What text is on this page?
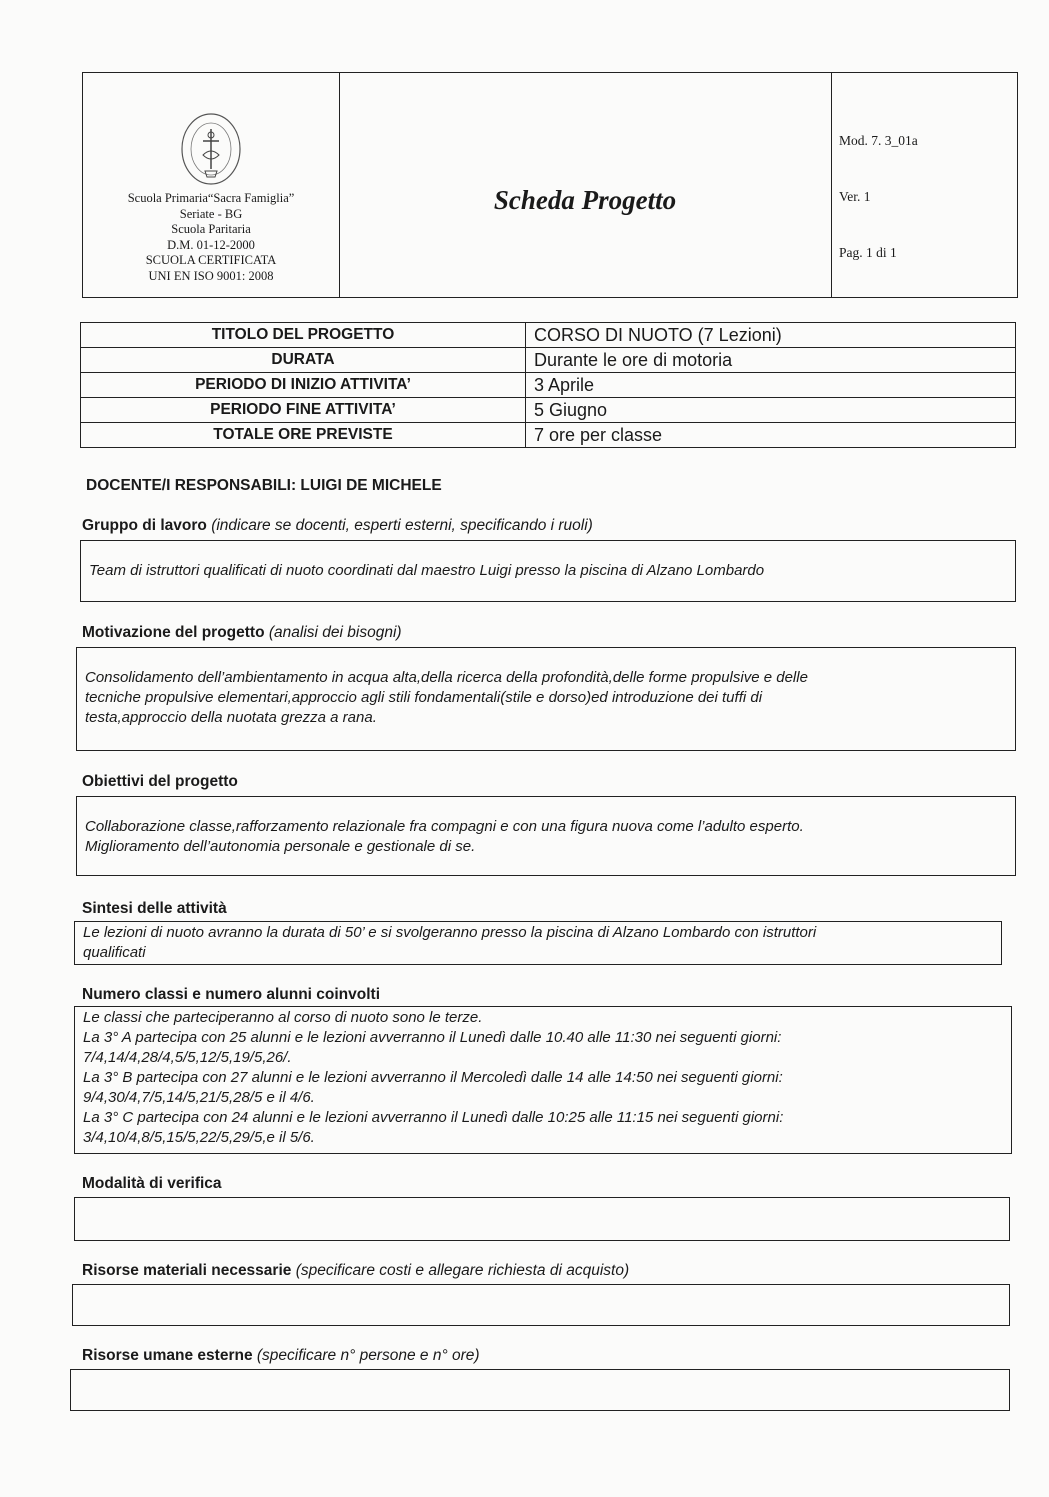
Scuola Primaria“Sacra Famiglia”
Seriate - BG
Scuola Paritaria
D.M. 01-12-2000
SCUOLA CERTIFICATA
UNI EN ISO 9001: 2008
Scheda Progetto
Mod. 7. 3_01a
Ver. 1
Pag. 1 di 1
TITOLO DEL PROGETTO	CORSO DI NUOTO (7 Lezioni)
DURATA	Durante le ore di motoria
PERIODO DI INIZIO ATTIVITA’	3 Aprile
PERIODO FINE ATTIVITA’	5 Giugno
TOTALE ORE PREVISTE	7 ore per classe
DOCENTE/I RESPONSABILI: LUIGI DE MICHELE
Gruppo di lavoro (indicare se docenti, esperti esterni, specificando i ruoli)
Team di istruttori qualificati di nuoto coordinati dal maestro Luigi presso la piscina di Alzano Lombardo
Motivazione del progetto (analisi dei bisogni)
Consolidamento dell’ambientamento in acqua alta,della ricerca della profondità,delle forme propulsive e delle
tecniche propulsive elementari,approccio agli stili fondamentali(stile e dorso)ed introduzione dei tuffi di
testa,approccio della nuotata grezza a rana.
Obiettivi del progetto
Collaborazione classe,rafforzamento relazionale fra compagni e con una figura nuova come l’adulto esperto.
Miglioramento dell’autonomia personale e gestionale di se.
Sintesi delle attività
Le lezioni di nuoto avranno la durata di 50’ e si svolgeranno presso la piscina di Alzano Lombardo con istruttori
qualificati
Numero classi e numero alunni coinvolti
Le classi che parteciperanno al corso di nuoto sono le terze.
La 3° A partecipa con 25 alunni e le lezioni avverranno il Lunedì dalle 10.40 alle 11:30 nei seguenti giorni:
7/4,14/4,28/4,5/5,12/5,19/5,26/.
La 3° B partecipa con 27 alunni e le lezioni avverranno il Mercoledì dalle 14 alle 14:50 nei seguenti giorni:
9/4,30/4,7/5,14/5,21/5,28/5 e il 4/6.
La 3° C partecipa con 24 alunni e le lezioni avverranno il Lunedì dalle 10:25 alle 11:15 nei seguenti giorni:
3/4,10/4,8/5,15/5,22/5,29/5,e il 5/6.
Modalità di verifica
Risorse materiali necessarie (specificare costi e allegare richiesta di acquisto)
Risorse umane esterne (specificare n° persone e n° ore)
